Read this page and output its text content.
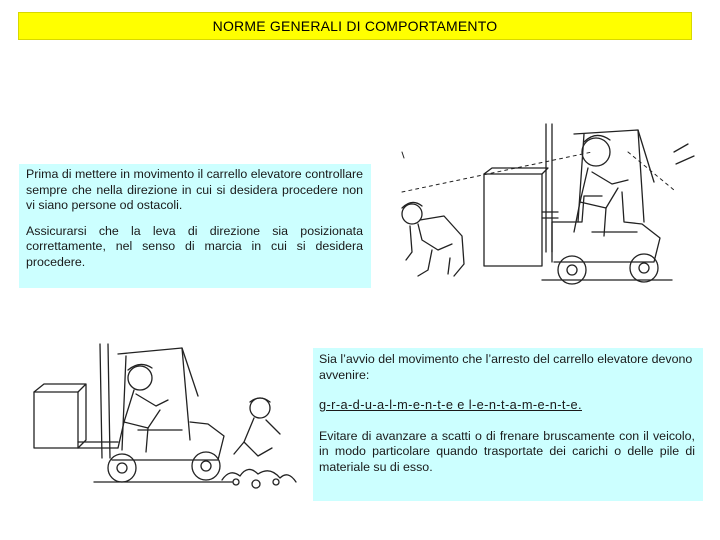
NORME GENERALI DI COMPORTAMENTO

Prima di mettere in movimento il carrello elevatore controllare sempre che nella direzione in cui si desidera procedere non vi siano persone od ostacoli.

Assicurarsi che la leva di direzione sia posizionata correttamente, nel senso di marcia in cui si desidera procedere.

Sia l’avvio del movimento che l’arresto del carrello elevatore devono avvenire:

g-r-a-d-u-a-l-m-e-n-t-e e l-e-n-t-a-m-e-n-t-e.

Evitare di avanzare a scatti o di frenare bruscamente con il veicolo, in modo particolare quando trasportate dei carichi o delle pile di materiale su di esso.
